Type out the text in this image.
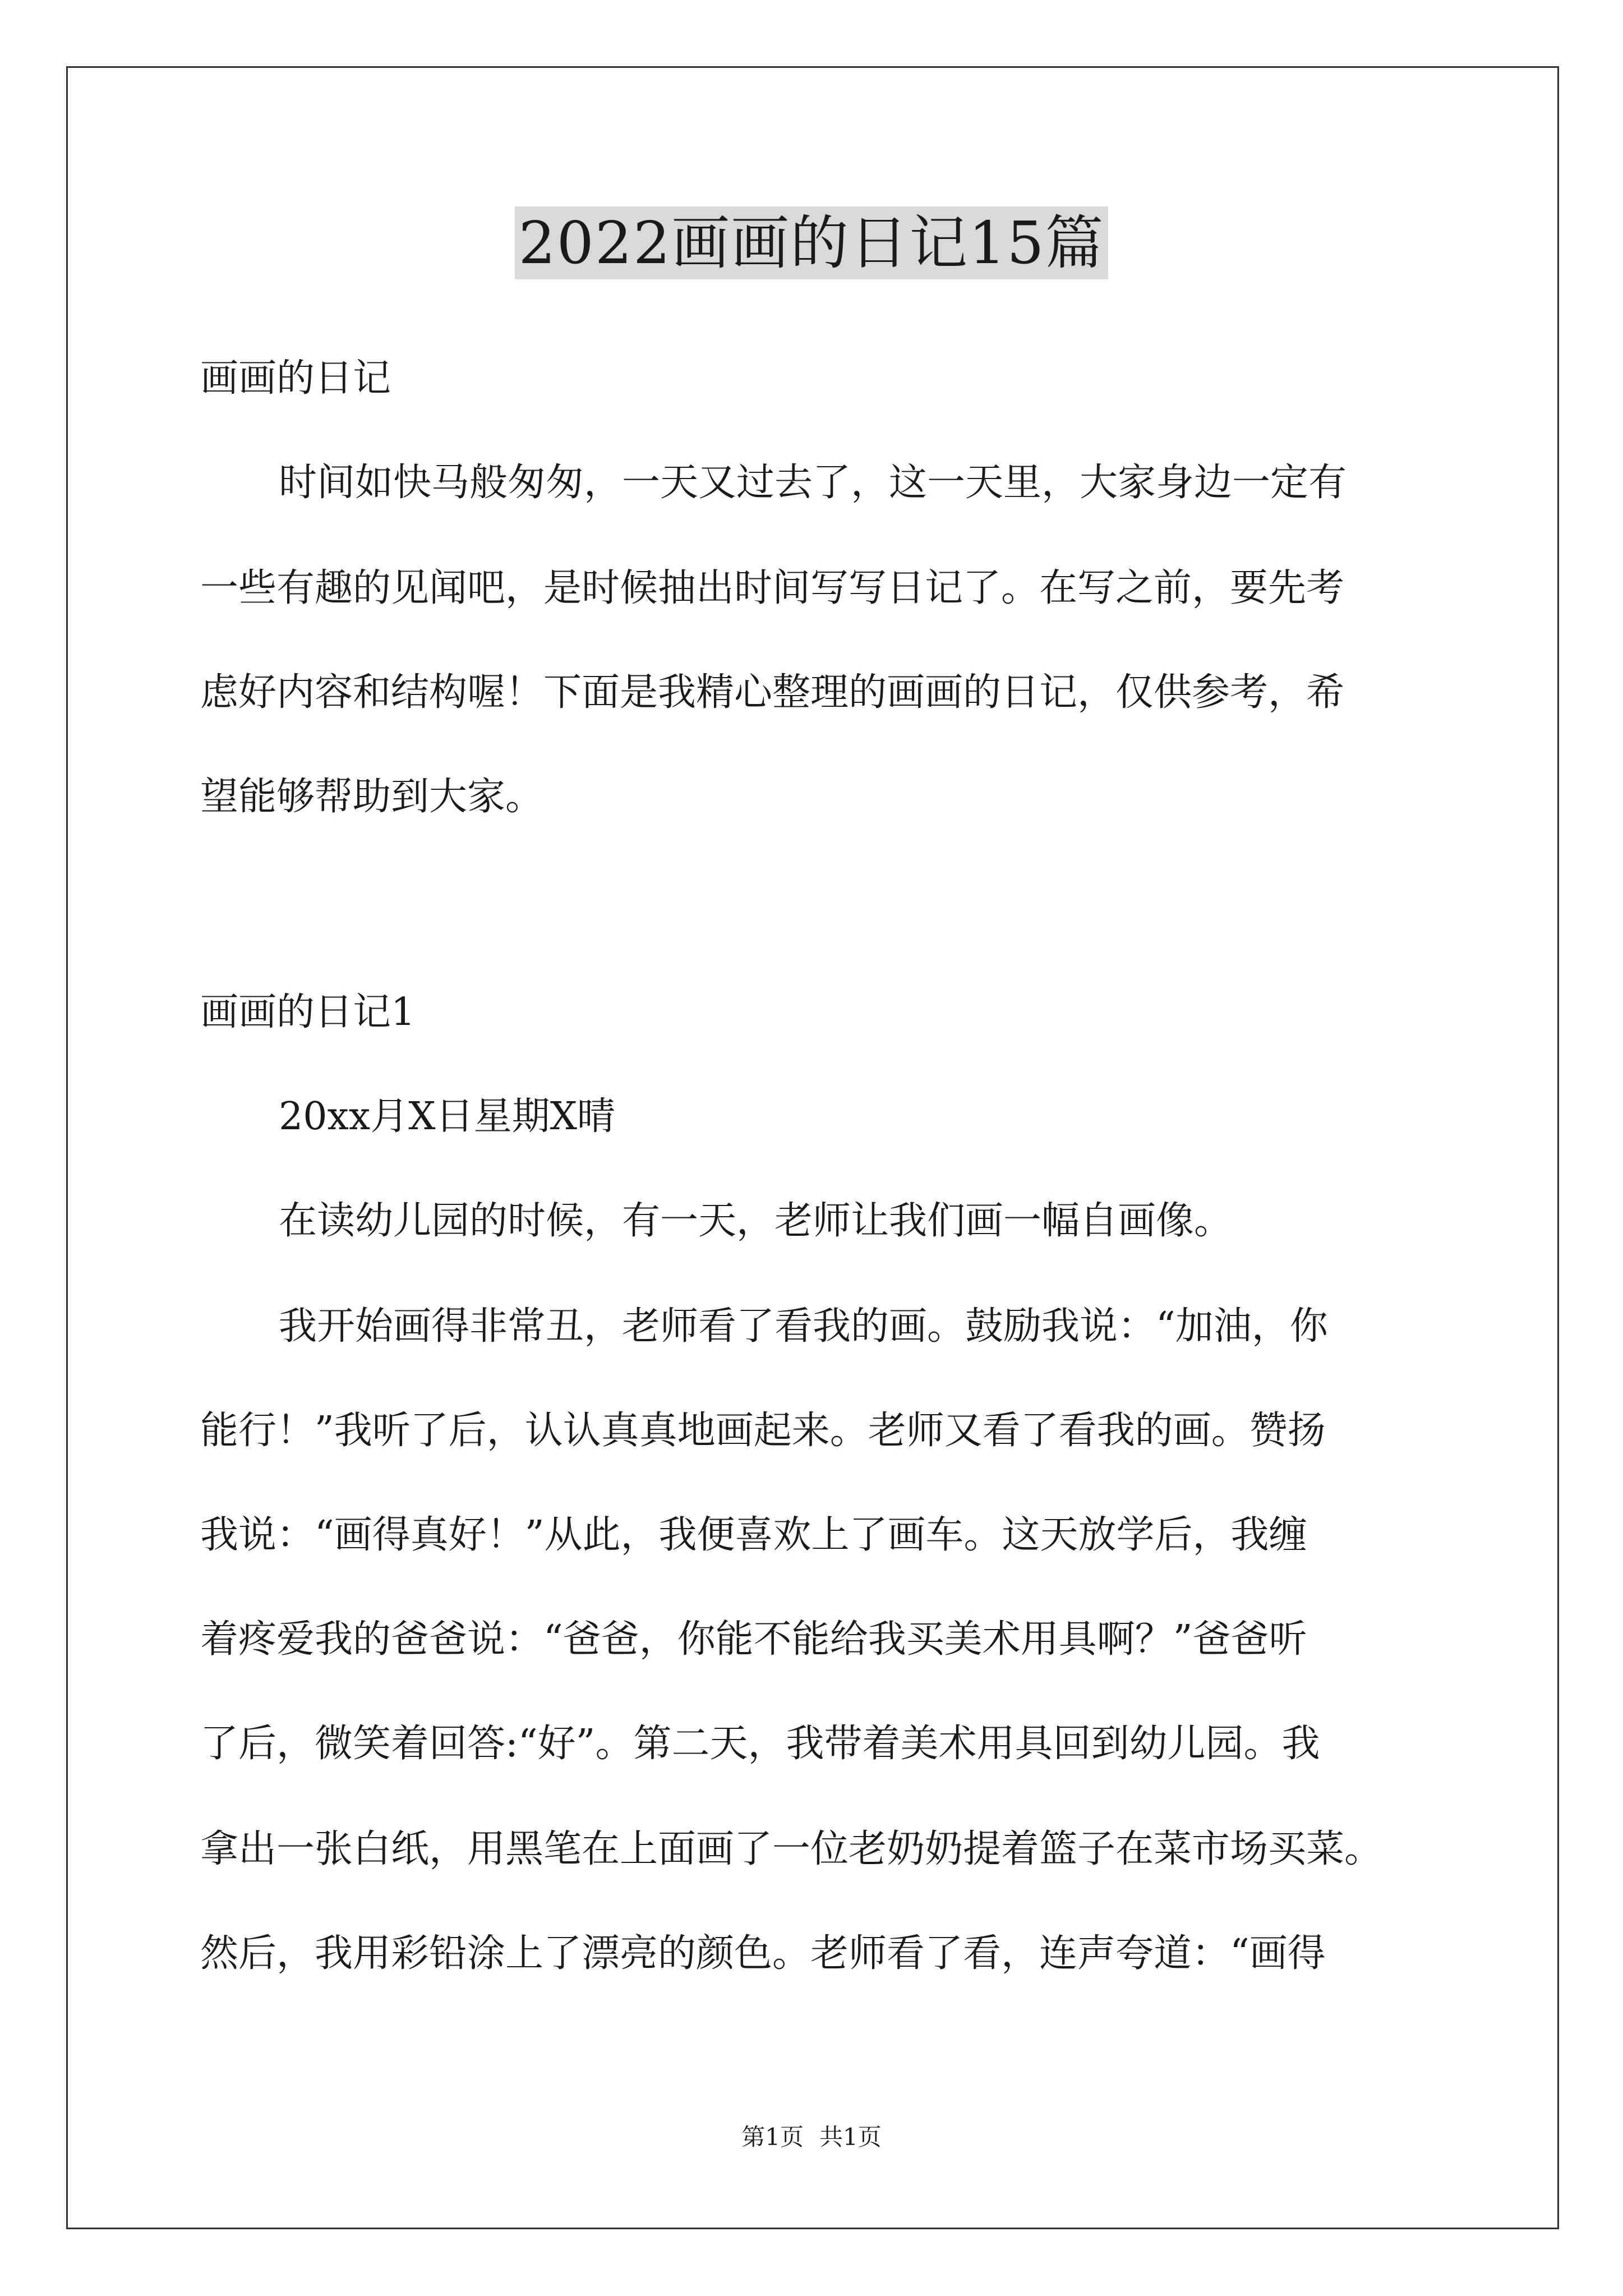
2022画画的日记15篇
画画的日记
时间如快马般匆匆，一天又过去了，这一天里，大家身边一定有
一些有趣的见闻吧，是时候抽出时间写写日记了。在写之前，要先考
虑好内容和结构喔！下面是我精心整理的画画的日记，仅供参考，希
望能够帮助到大家。
画画的日记1
20xx月X日星期X晴
在读幼儿园的时候，有一天，老师让我们画一幅自画像。
我开始画得非常丑，老师看了看我的画。鼓励我说：“加油，你
能行！”我听了后，认认真真地画起来。老师又看了看我的画。赞扬
我说：“画得真好！”从此，我便喜欢上了画车。这天放学后，我缠
着疼爱我的爸爸说：“爸爸，你能不能给我买美术用具啊？”爸爸听
了后，微笑着回答:“好”。第二天，我带着美术用具回到幼儿园。我
拿出一张白纸，用黑笔在上面画了一位老奶奶提着篮子在菜市场买菜。
然后，我用彩铅涂上了漂亮的颜色。老师看了看，连声夸道：“画得
第1页 共1页
